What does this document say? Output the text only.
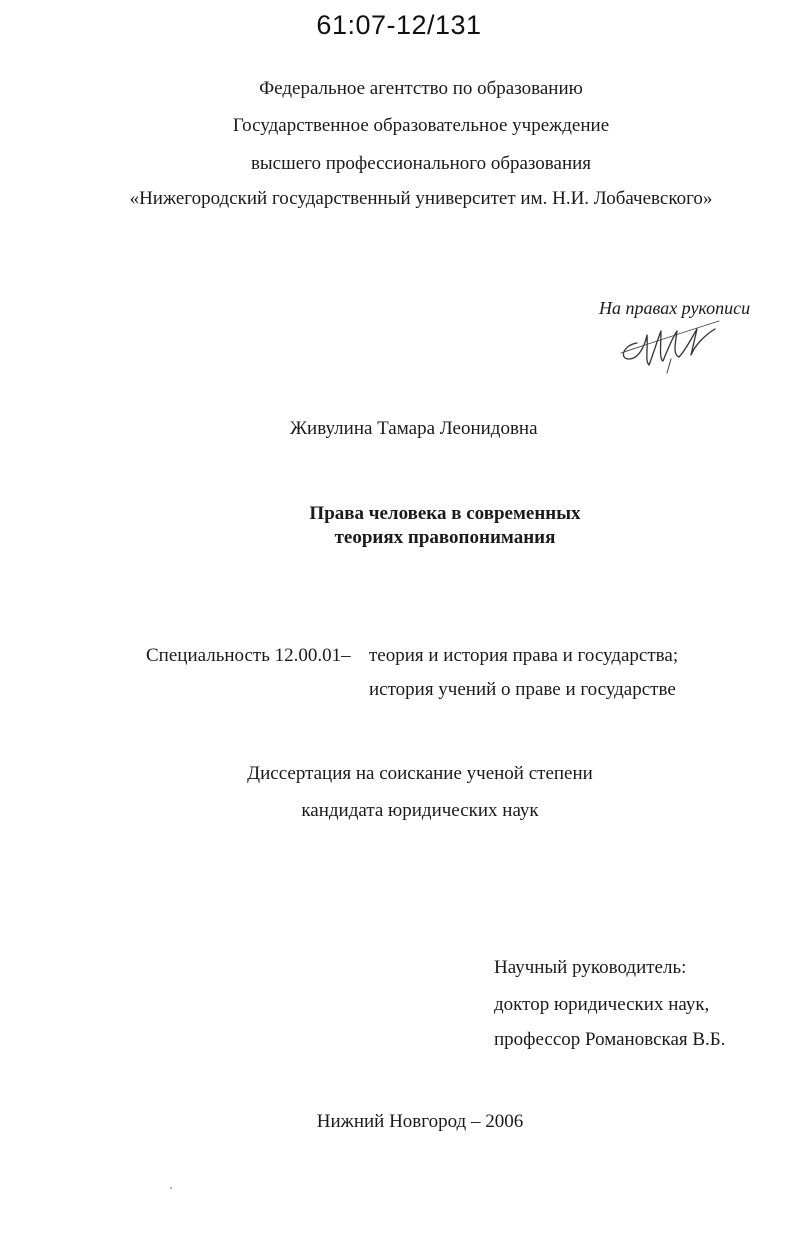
61:07-12/131
Федеральное агентство по образованию
Государственное образовательное учреждение
высшего профессионального образования
«Нижегородский государственный университет им. Н.И. Лобачевского»
На правах рукописи
Живулина Тамара Леонидовна
Права человека в современных
теориях правопонимания
Специальность 12.00.01– теория и история права и государства;
история учений о праве и государстве
Диссертация на соискание ученой степени
кандидата юридических наук
Научный руководитель:
доктор юридических наук,
профессор Романовская В.Б.
Нижний Новгород – 2006
